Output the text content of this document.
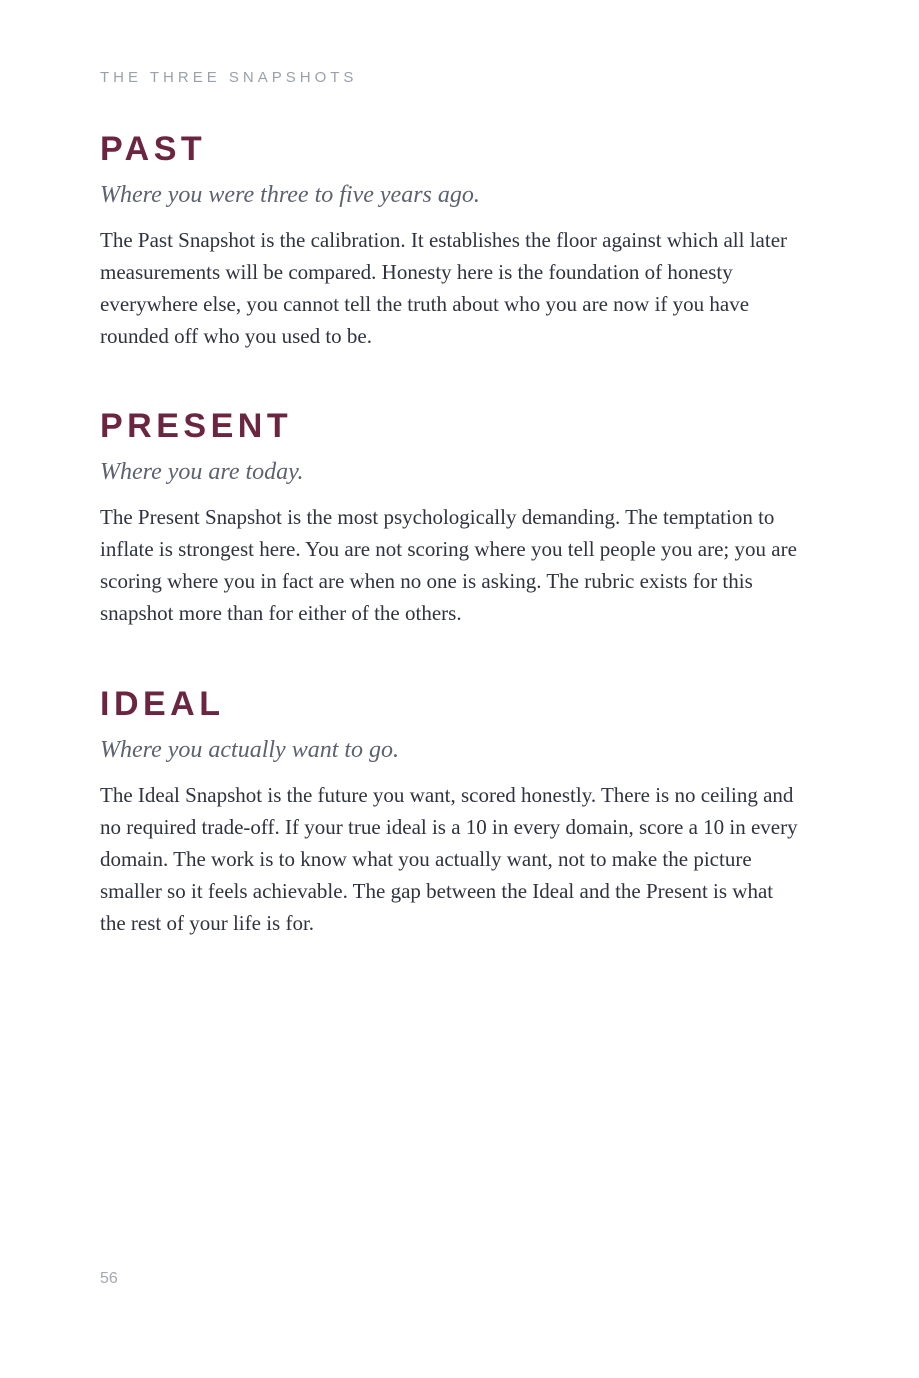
THE THREE SNAPSHOTS
PAST

Where you were three to five years ago.

The Past Snapshot is the calibration. It establishes the floor against which all later measurements will be compared. Honesty here is the foundation of honesty everywhere else, you cannot tell the truth about who you are now if you have rounded off who you used to be.

PRESENT

Where you are today.

The Present Snapshot is the most psychologically demanding. The temptation to inflate is strongest here. You are not scoring where you tell people you are; you are scoring where you in fact are when no one is asking. The rubric exists for this snapshot more than for either of the others.

IDEAL

Where you actually want to go.

The Ideal Snapshot is the future you want, scored honestly. There is no ceiling and no required trade-off. If your true ideal is a 10 in every domain, score a 10 in every domain. The work is to know what you actually want, not to make the picture smaller so it feels achievable. The gap between the Ideal and the Present is what the rest of your life is for.

56
